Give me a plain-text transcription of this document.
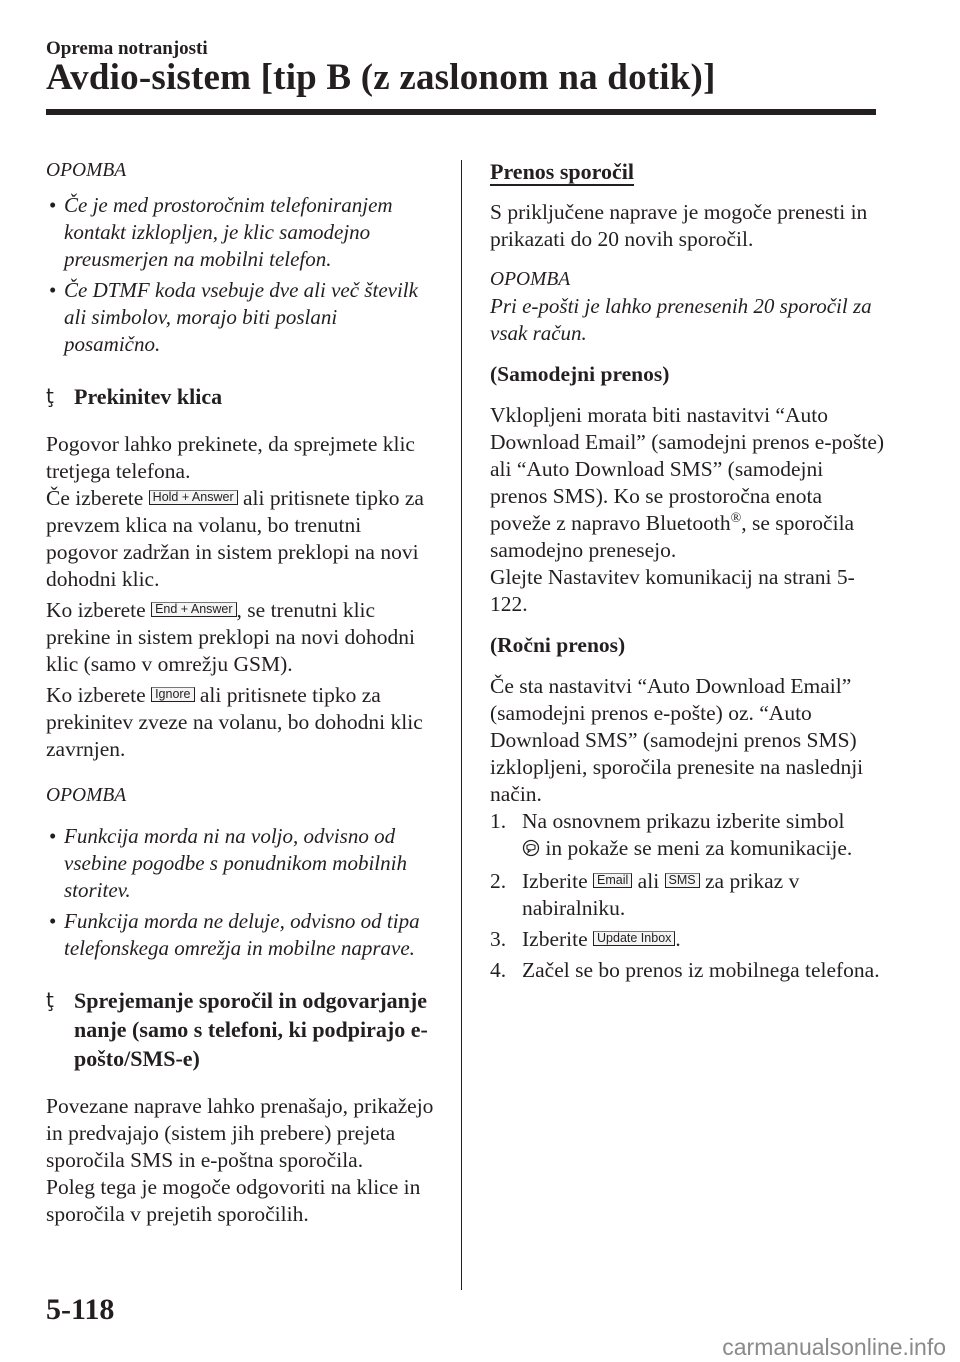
Oprema notranjosti
Avdio-sistem [tip B (z zaslonom na dotik)]

OPOMBA

• Če je med prostoročnim telefoniranjem kontakt izklopljen, je klic samodejno preusmerjen na mobilni telefon.
• Če DTMF koda vsebuje dve ali več številk ali simbolov, morajo biti poslani posamično.

ţ Prekinitev klica

Pogovor lahko prekinete, da sprejmete klic tretjega telefona.

Če izberete Hold + Answer ali pritisnete tipko za prevzem klica na volanu, bo trenutni pogovor zadržan in sistem preklopi na novi dohodni klic.

Ko izberete End + Answer , se trenutni klic prekine in sistem preklopi na novi dohodni klic (samo v omrežju GSM).

Ko izberete Ignore ali pritisnete tipko za prekinitev zveze na volanu, bo dohodni klic zavrnjen.

OPOMBA

• Funkcija morda ni na voljo, odvisno od vsebine pogodbe s ponudnikom mobilnih storitev.
• Funkcija morda ne deluje, odvisno od tipa telefonskega omrežja in mobilne naprave.

ţ Sprejemanje sporočil in odgovarjanje nanje (samo s telefoni, ki podpirajo e-pošto/SMS-e)

Povezane naprave lahko prenašajo, prikažejo in predvajajo (sistem jih prebere) prejeta sporočila SMS in e-poštna sporočila.

Poleg tega je mogoče odgovoriti na klice in sporočila v prejetih sporočilih.

Prenos sporočil

S priključene naprave je mogoče prenesti in prikazati do 20 novih sporočil.

OPOMBA

Pri e-pošti je lahko prenesenih 20 sporočil za vsak račun.

(Samodejni prenos)

Vklopljeni morata biti nastavitvi “Auto Download Email” (samodejni prenos e-pošte) ali “Auto Download SMS” (samodejni prenos SMS). Ko se prostoročna enota poveže z napravo Bluetooth®, se sporočila samodejno prenesejo.

Glejte Nastavitev komunikacij na strani 5-122.

(Ročni prenos)

Če sta nastavitvi “Auto Download Email” (samodejni prenos e-pošte) oz. “Auto Download SMS” (samodejni prenos SMS) izklopljeni, sporočila prenesite na naslednji način.

1. Na osnovnem prikazu izberite simbol
in pokaže se meni za komunikacije.
2. Izberite Email ali SMS za prikaz v nabiralniku.
3. Izberite Update Inbox .
4. Začel se bo prenos iz mobilnega telefona.
5-118
carmanualsonline.info
